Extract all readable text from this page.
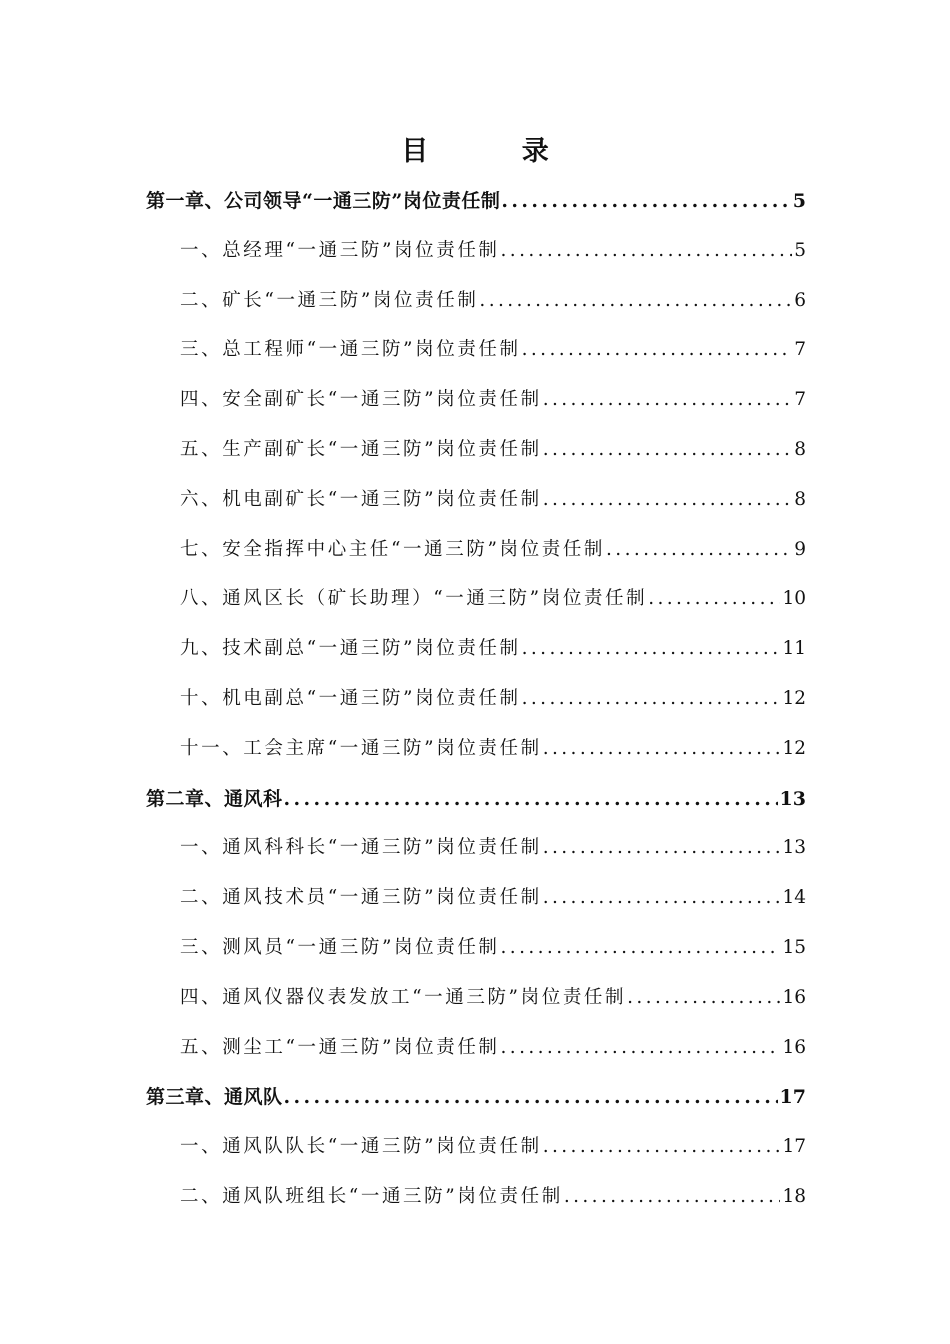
目 录
第一章、公司领导“一通三防”岗位责任制 .....	5
一、总经理“一通三防”岗位责任制 .....	5
二、矿长“一通三防”岗位责任制 .....	6
三、总工程师“一通三防”岗位责任制 .....	7
四、安全副矿长“一通三防”岗位责任制 .....	7
五、生产副矿长“一通三防”岗位责任制 .....	8
六、机电副矿长“一通三防”岗位责任制 .....	8
七、安全指挥中心主任“一通三防”岗位责任制 .....	9
八、通风区长（矿长助理）“一通三防”岗位责任制 .....	10
九、技术副总“一通三防”岗位责任制 .....	11
十、机电副总“一通三防”岗位责任制 .....	12
十一、工会主席“一通三防”岗位责任制 .....	12
第二章、通风科 .....	13
一、通风科科长“一通三防”岗位责任制 .....	13
二、通风技术员“一通三防”岗位责任制 .....	14
三、测风员“一通三防”岗位责任制 .....	15
四、通风仪器仪表发放工“一通三防”岗位责任制 .....	16
五、测尘工“一通三防”岗位责任制 .....	16
第三章、通风队 .....	17
一、通风队队长“一通三防”岗位责任制 .....	17
二、通风队班组长“一通三防”岗位责任制 .....	18
